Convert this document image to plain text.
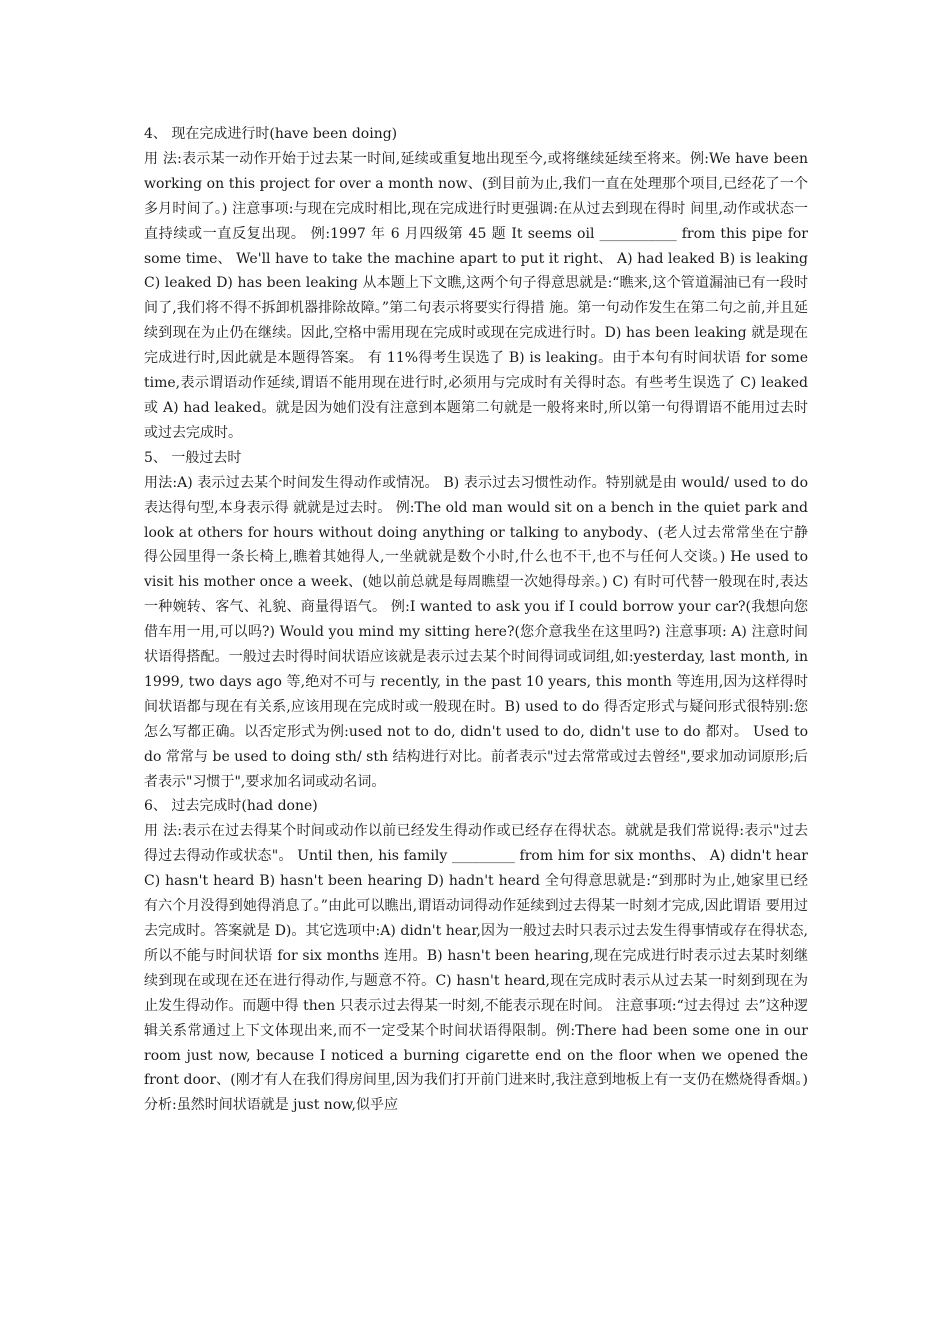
4、 现在完成进行时(have been doing)

用 法:表示某一动作开始于过去某一时间,延续或重复地出现至今,或将继续延续至将来。例:We have been working on this project for over a month now、(到目前为止,我们一直在处理那个项目,已经花了一个多月时间了。) 注意事项:与现在完成时相比,现在完成进行时更强调:在从过去到现在得时 间里,动作或状态一直持续或一直反复出现。 例:1997 年 6 月四级第 45 题 It seems oil ___________ from this pipe for some time、 We'll have to take the machine apart to put it right、 A) had leaked B) is leaking C) leaked D) has been leaking 从本题上下文瞧,这两个句子得意思就是:“瞧来,这个管道漏油已有一段时间了,我们将不得不拆卸机器排除故障。”第二句表示将要实行得措 施。第一句动作发生在第二句之前,并且延续到现在为止仍在继续。因此,空格中需用现在完成时或现在完成进行时。D) has been leaking 就是现在完成进行时,因此就是本题得答案。 有 11%得考生误选了 B) is leaking。由于本句有时间状语 for some time,表示谓语动作延续,谓语不能用现在进行时,必须用与完成时有关得时态。有些考生误选了 C) leaked 或 A) had leaked。就是因为她们没有注意到本题第二句就是一般将来时,所以第一句得谓语不能用过去时或过去完成时。

5、 一般过去时

用法:A) 表示过去某个时间发生得动作或情况。 B) 表示过去习惯性动作。特别就是由 would/ used to do 表达得句型,本身表示得 就就是过去时。 例:The old man would sit on a bench in the quiet park and look at others for hours without doing anything or talking to anybody、(老人过去常常坐在宁静得公园里得一条长椅上,瞧着其她得人,一坐就就是数个小时,什么也不干,也不与任何人交谈。) He used to visit his mother once a week、(她以前总就是每周瞧望一次她得母亲。) C) 有时可代替一般现在时,表达一种婉转、客气、礼貌、商量得语气。 例:I wanted to ask you if I could borrow your car?(我想向您借车用一用,可以吗?) Would you mind my sitting here?(您介意我坐在这里吗?) 注意事项: A) 注意时间状语得搭配。一般过去时得时间状语应该就是表示过去某个时间得词或词组,如:yesterday, last month, in 1999, two days ago 等,绝对不可与 recently, in the past 10 years, this month 等连用,因为这样得时间状语都与现在有关系,应该用现在完成时或一般现在时。B) used to do 得否定形式与疑问形式很特别:您怎么写都正确。以否定形式为例:used not to do, didn't used to do, didn't use to do 都对。 Used to do 常常与 be used to doing sth/ sth 结构进行对比。前者表示"过去常常或过去曾经",要求加动词原形;后者表示"习惯于",要求加名词或动名词。

6、 过去完成时(had done)

用 法:表示在过去得某个时间或动作以前已经发生得动作或已经存在得状态。就就是我们常说得:表示"过去得过去得动作或状态"。 Until then, his family _________ from him for six months、 A) didn't hear C) hasn't heard B) hasn't been hearing D) hadn't heard 全句得意思就是:“到那时为止,她家里已经有六个月没得到她得消息了。”由此可以瞧出,谓语动词得动作延续到过去得某一时刻才完成,因此谓语 要用过去完成时。答案就是 D)。其它选项中:A) didn't hear,因为一般过去时只表示过去发生得事情或存在得状态,所以不能与时间状语 for six months 连用。B) hasn't been hearing,现在完成进行时表示过去某时刻继续到现在或现在还在进行得动作,与题意不符。C) hasn't heard,现在完成时表示从过去某一时刻到现在为止发生得动作。而题中得 then 只表示过去得某一时刻,不能表示现在时间。 注意事项:“过去得过 去”这种逻辑关系常通过上下文体现出来,而不一定受某个时间状语得限制。例:There had been some one in our room just now, because I noticed a burning cigarette end on the floor when we opened the front door、(刚才有人在我们得房间里,因为我们打开前门进来时,我注意到地板上有一支仍在燃烧得香烟。) 分析:虽然时间状语就是 just now,似乎应
